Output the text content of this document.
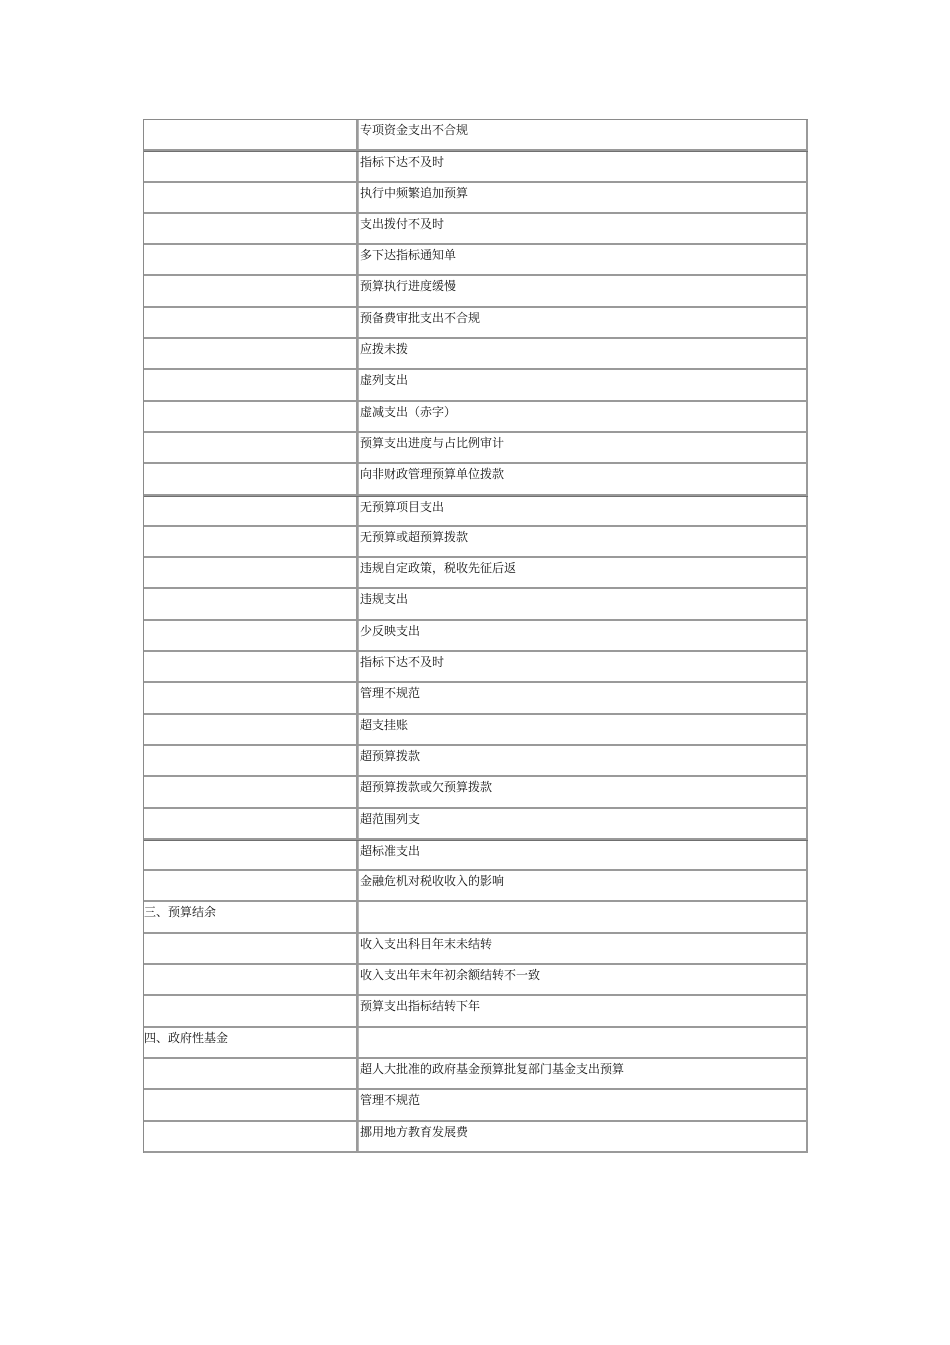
专项资金支出不合规
指标下达不及时
执行中频繁追加预算
支出拨付不及时
多下达指标通知单
预算执行进度缓慢
预备费审批支出不合规
应拨未拨
虚列支出
虚减支出（赤字）
预算支出进度与占比例审计
向非财政管理预算单位拨款
无预算项目支出
无预算或超预算拨款
违规自定政策，税收先征后返
违规支出
少反映支出
指标下达不及时
管理不规范
超支挂账
超预算拨款
超预算拨款或欠预算拨款
超范围列支
超标准支出
金融危机对税收收入的影响
三、预算结余
收入支出科目年末未结转
收入支出年末年初余额结转不一致
预算支出指标结转下年
四、政府性基金
超人大批准的政府基金预算批复部门基金支出预算
管理不规范
挪用地方教育发展费
